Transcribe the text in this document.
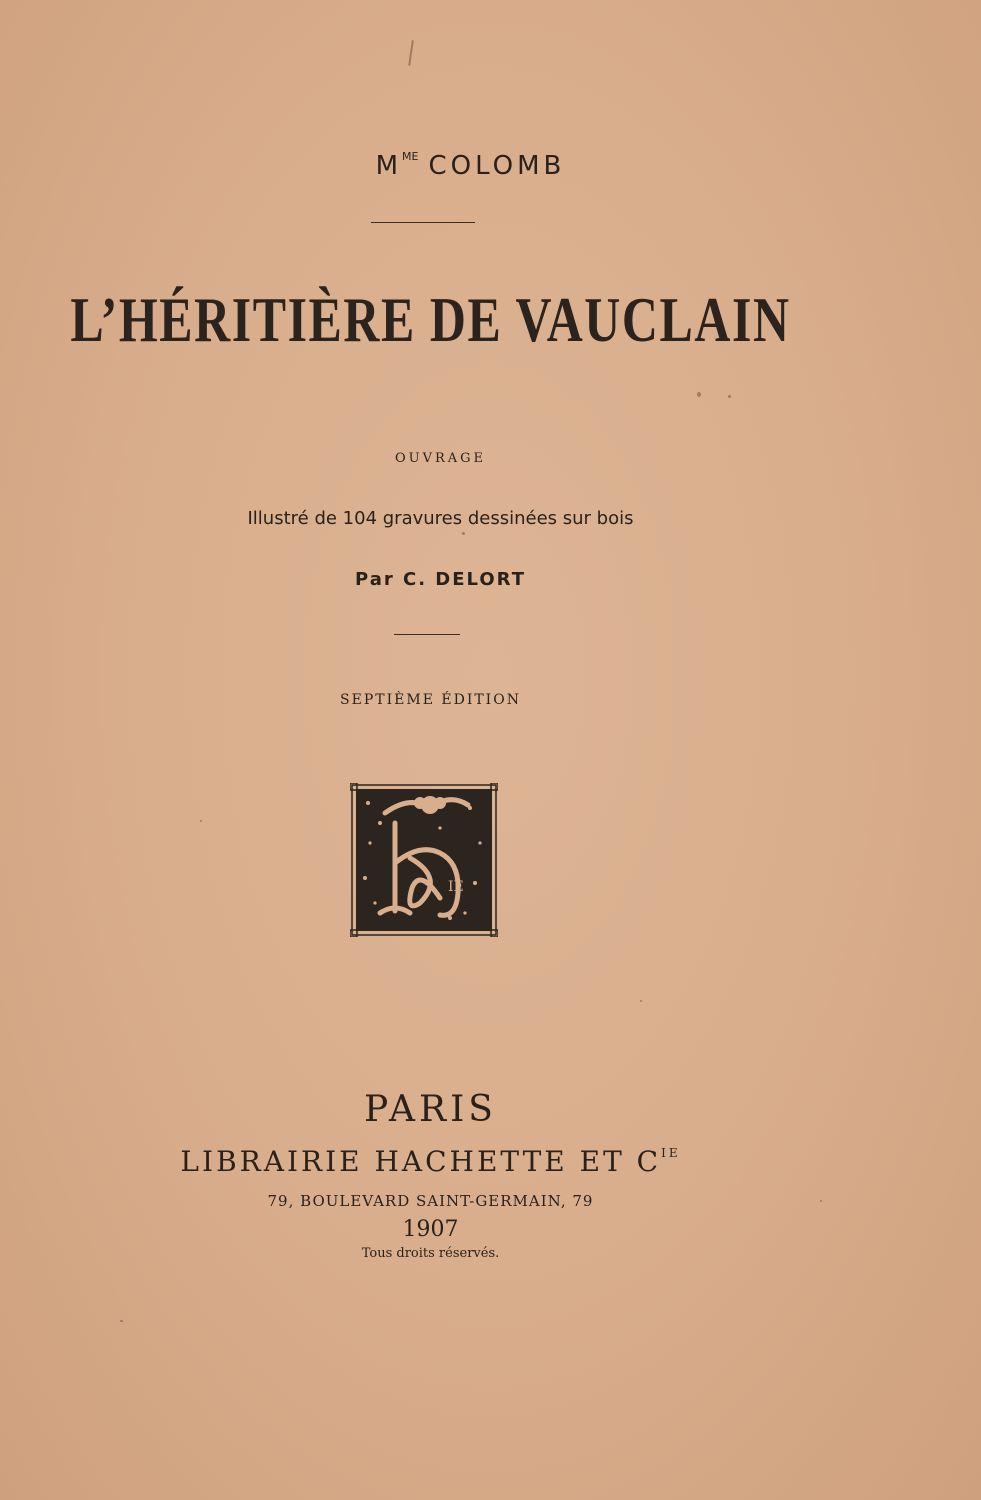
$M^{ME}$ COLOMB
L’HÉRITIÈRE DE VAUCLAIN
OUVRAGE
Illustré de 104 gravures dessinées sur bois
Par C. DELORT
SEPTIÈME ÉDITION
IE
PARIS
LIBRAIRIE HACHETTE ET $C^{IE}$
79, BOULEVARD SAINT-GERMAIN, 79
1907
Tous droits réservés.
